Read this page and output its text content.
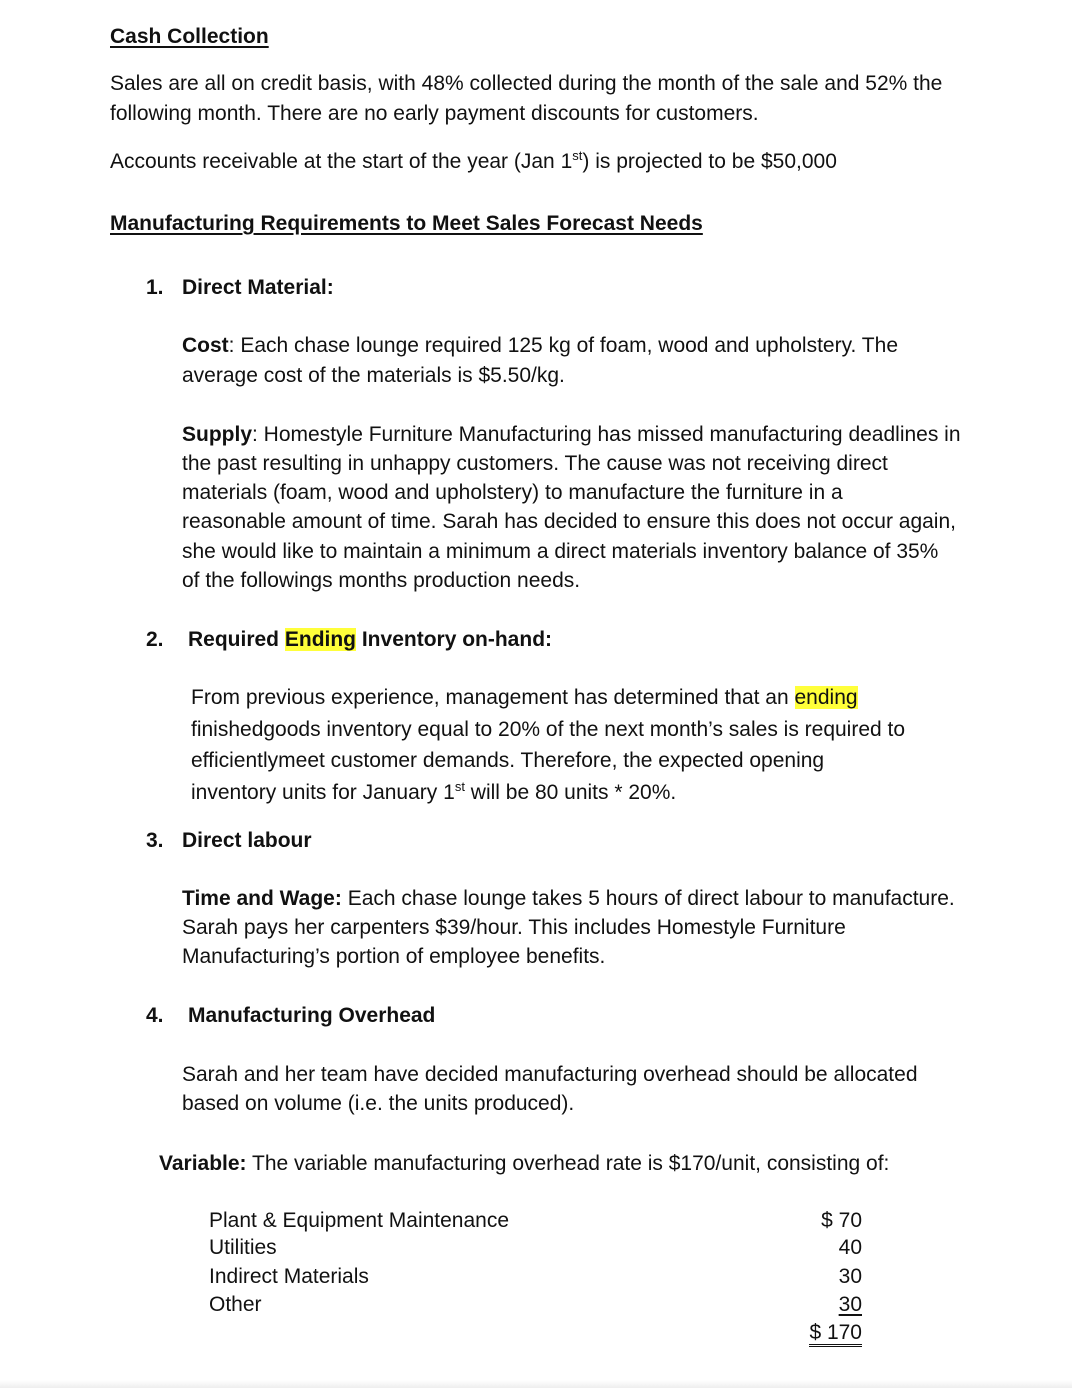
Cash Collection
Sales are all on credit basis, with 48% collected during the month of the sale and 52% the
following month. There are no early payment discounts for customers.
Accounts receivable at the start of the year (Jan 1st) is projected to be $50,000
Manufacturing Requirements to Meet Sales Forecast Needs
1. Direct Material:
Cost: Each chase lounge required 125 kg of foam, wood and upholstery. The
average cost of the materials is $5.50/kg.
Supply: Homestyle Furniture Manufacturing has missed manufacturing deadlines in
the past resulting in unhappy customers. The cause was not receiving direct
materials (foam, wood and upholstery) to manufacture the furniture in a
reasonable amount of time. Sarah has decided to ensure this does not occur again,
she would like to maintain a minimum a direct materials inventory balance of 35%
of the followings months production needs.
2. Required Ending Inventory on-hand:
From previous experience, management has determined that an ending
finishedgoods inventory equal to 20% of the next month’s sales is required to
efficientlymeet customer demands. Therefore, the expected opening
inventory units for January 1st will be 80 units * 20%.
3. Direct labour
Time and Wage: Each chase lounge takes 5 hours of direct labour to manufacture.
Sarah pays her carpenters $39/hour. This includes Homestyle Furniture
Manufacturing’s portion of employee benefits.
4. Manufacturing Overhead
Sarah and her team have decided manufacturing overhead should be allocated
based on volume (i.e. the units produced).
Variable: The variable manufacturing overhead rate is $170/unit, consisting of:
Plant & Equipment Maintenance	$ 70
Utilities	40
Indirect Materials	30
Other	30
$ 170
